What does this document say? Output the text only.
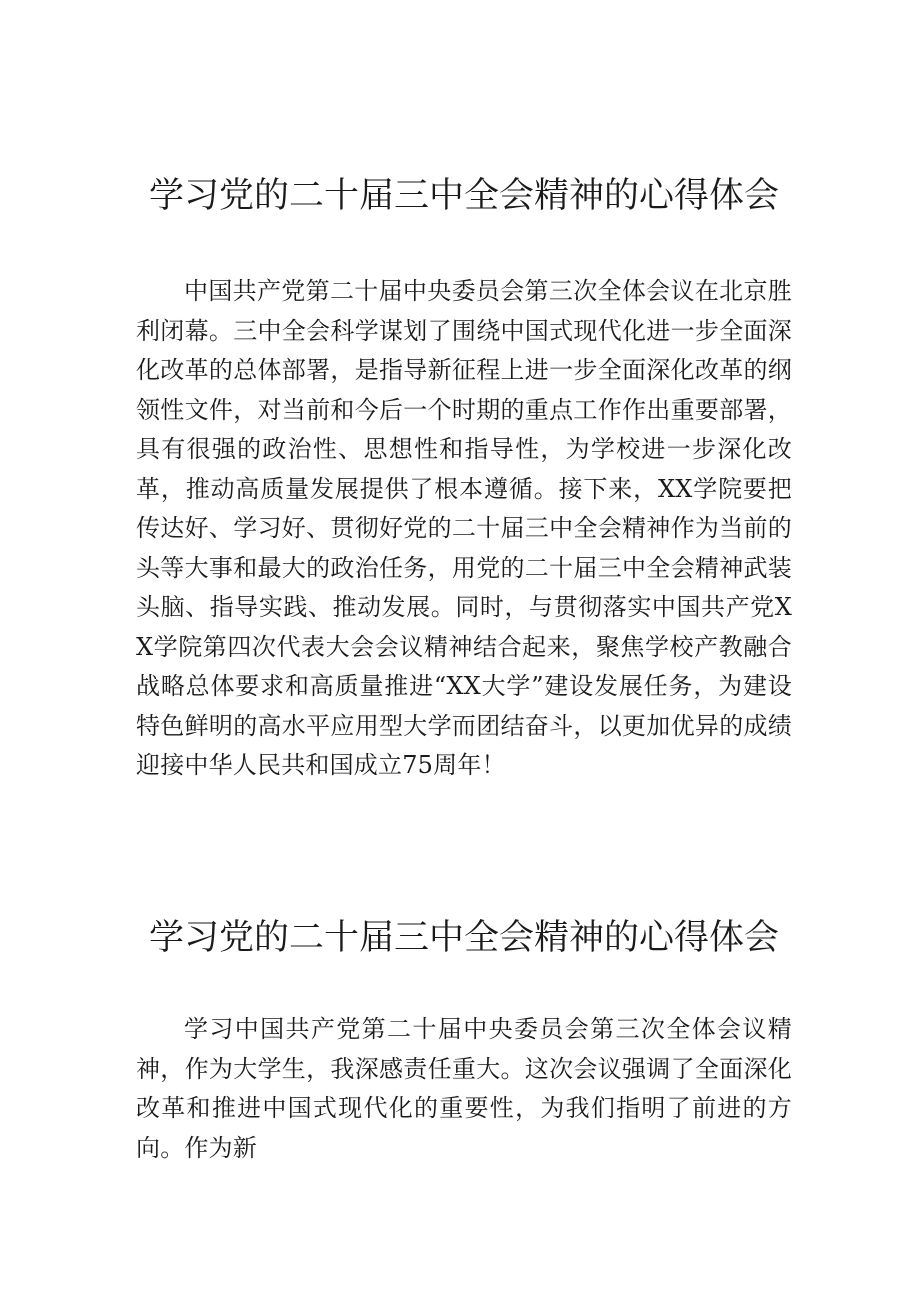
学习党的二十届三中全会精神的心得体会

中国共产党第二十届中央委员会第三次全体会议在北京胜利闭幕。三中全会科学谋划了围绕中国式现代化进一步全面深化改革的总体部署，是指导新征程上进一步全面深化改革的纲领性文件，对当前和今后一个时期的重点工作作出重要部署，具有很强的政治性、思想性和指导性，为学校进一步深化改革，推动高质量发展提供了根本遵循。接下来，XX学院要把传达好、学习好、贯彻好党的二十届三中全会精神作为当前的头等大事和最大的政治任务，用党的二十届三中全会精神武装头脑、指导实践、推动发展。同时，与贯彻落实中国共产党XX学院第四次代表大会会议精神结合起来，聚焦学校产教融合战略总体要求和高质量推进“XX大学”建设发展任务，为建设特色鲜明的高水平应用型大学而团结奋斗，以更加优异的成绩迎接中华人民共和国成立75周年！

学习党的二十届三中全会精神的心得体会

学习中国共产党第二十届中央委员会第三次全体会议精神，作为大学生，我深感责任重大。这次会议强调了全面深化改革和推进中国式现代化的重要性，为我们指明了前进的方向。作为新
